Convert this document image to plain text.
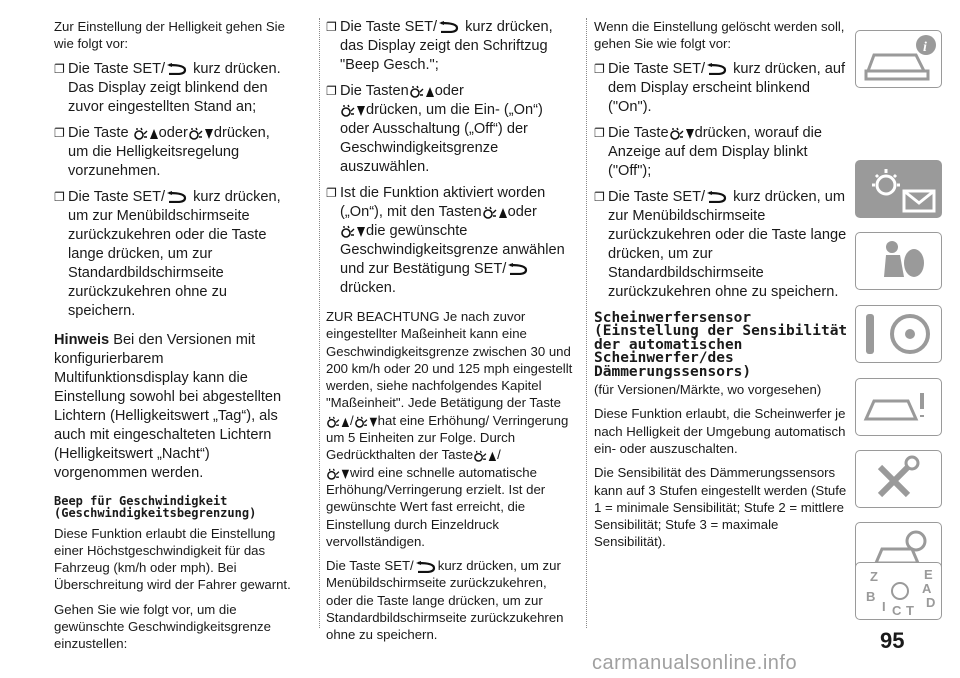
Zur Einstellung der Helligkeit gehen Sie wie folgt vor:

❐ Die Taste SET/ kurz drücken. Das Display zeigt blinkend den zuvor eingestellten Stand an;
❐ Die Taste oder drücken, um die Helligkeitsregelung vorzunehmen.
❐ Die Taste SET/ kurz drücken, um zur Menübildschirmseite zurückzukehren oder die Taste lange drücken, um zur Standardbildschirmseite zurückzukehren ohne zu speichern.

Hinweis Bei den Versionen mit konfigurierbarem Multifunktionsdisplay kann die Einstellung sowohl bei abgestellten Lichtern (Helligkeitswert „Tag“), als auch mit eingeschalteten Lichtern (Helligkeitswert „Nacht“) vorgenommen werden.

Beep für Geschwindigkeit (Geschwindigkeitsbegrenzung)

Diese Funktion erlaubt die Einstellung einer Höchstgeschwindigkeit für das Fahrzeug (km/h oder mph). Bei Überschreitung wird der Fahrer gewarnt.

Gehen Sie wie folgt vor, um die gewünschte Geschwindigkeitsgrenze einzustellen:

❐ Die Taste SET/ kurz drücken, das Display zeigt den Schriftzug "Beep Gesch.";
❐ Die Tasten oder
drücken, um die Ein- („On“) oder Ausschaltung („Off“) der Geschwindigkeitsgrenze auszuwählen.
❐ Ist die Funktion aktiviert worden („On“), mit den Tasten oder
die gewünschte Geschwindigkeitsgrenze anwählen und zur Bestätigung SET/
drücken.

ZUR BEACHTUNG Je nach zuvor eingestellter Maßeinheit kann eine Geschwindigkeitsgrenze zwischen 30 und 200 km/h oder 20 und 125 mph eingestellt werden, siehe nachfolgendes Kapitel "Maßeinheit". Jede Betätigung der Taste/ hat eine Erhöhung/ Verringerung um 5 Einheiten zur Folge. Durch Gedrückthalten der Taste /
wird eine schnelle automatische Erhöhung/Verringerung erzielt. Ist der gewünschte Wert fast erreicht, die Einstellung durch Einzeldruck vervollständigen.

Die Taste SET/ kurz drücken, um zur Menübildschirmseite zurückzukehren, oder die Taste lange drücken, um zur Standardbildschirmseite zurückzukehren ohne zu speichern.

Wenn die Einstellung gelöscht werden soll, gehen Sie wie folgt vor:

❐ Die Taste SET/ kurz drücken, auf dem Display erscheint blinkend ("On").
❐ Die Taste drücken, worauf die Anzeige auf dem Display blinkt ("Off");
❐ Die Taste SET/ kurz drücken, um zur Menübildschirmseite zurückzukehren oder die Taste lange drücken, um zur Standardbildschirmseite zurückzukehren ohne zu speichern.
Scheinwerfersensor (Einstellung der Sensibilität der automatischen Scheinwerfer/des Dämmerungssensors)

(für Versionen/Märkte, wo vorgesehen)

Diese Funktion erlaubt, die Scheinwerfer je nach Helligkeit der Umgebung automatisch ein- oder auszuschalten.

Die Sensibilität des Dämmerungssensors kann auf 3 Stufen eingestellt werden (Stufe 1 = minimale Sensibilität; Stufe 2 = mittlere Sensibilität; Stufe 3 = maximale Sensibilität).

i
Z	E
A
B
I C T
D
95
carmanualsonline.info
